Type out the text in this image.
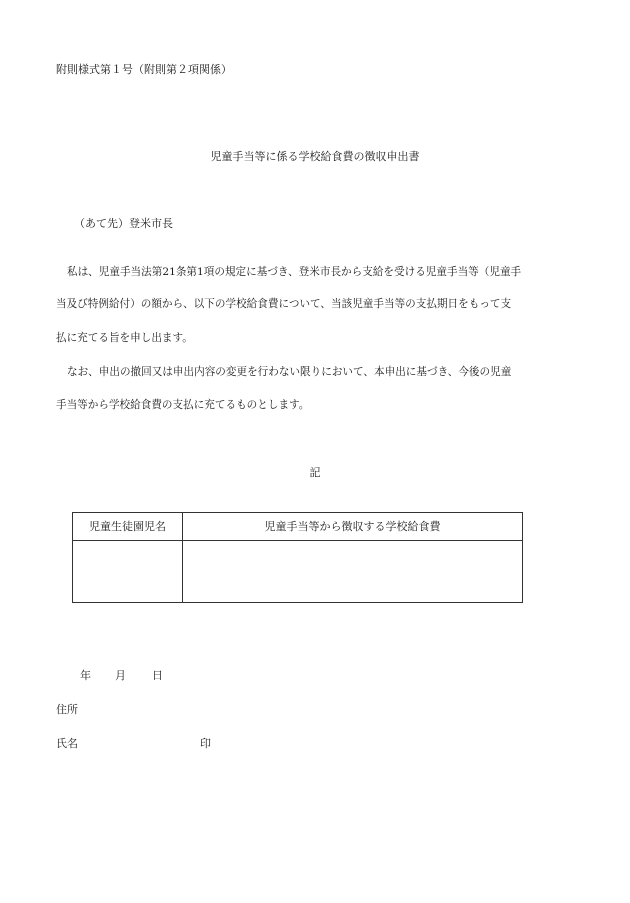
附則様式第１号（附則第２項関係）
児童手当等に係る学校給食費の徴収申出書
（あて先）登米市長
私は、児童手当法第21条第1項の規定に基づき、登米市長から支給を受ける児童手当等（児童手
当及び特例給付）の額から、以下の学校給食費について、当該児童手当等の支払期日をもって支
払に充てる旨を申し出ます。
なお、申出の撤回又は申出内容の変更を行わない限りにおいて、本申出に基づき、今後の児童
手当等から学校給食費の支払に充てるものとします。
記
児童生徒園児名	児童手当等から徴収する学校給食費

年 月 日
住所
氏名	印
